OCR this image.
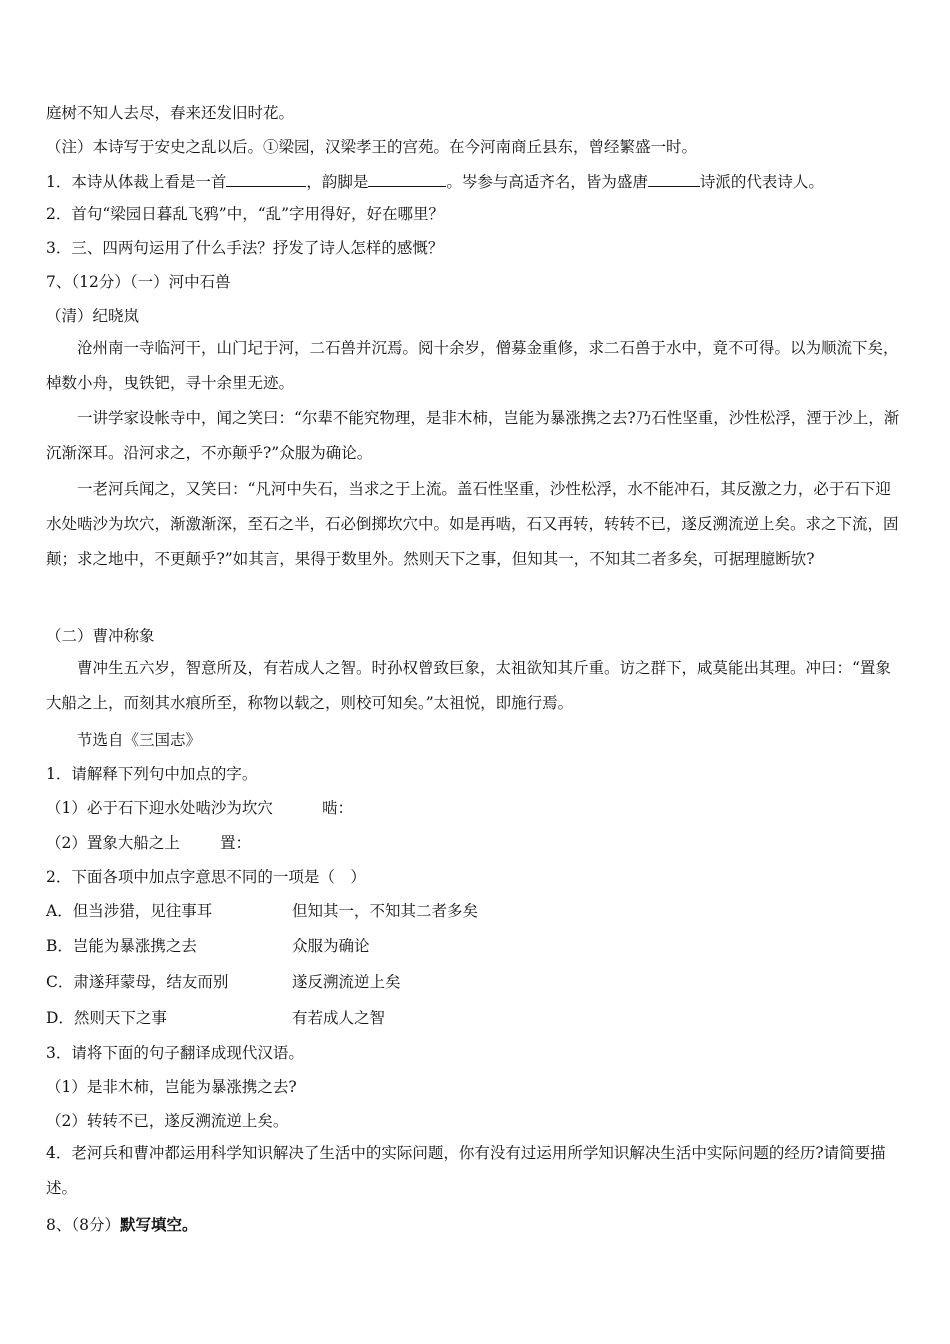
庭树不知人去尽，春来还发旧时花。
（注）本诗写于安史之乱以后。①梁园，汉梁孝王的宫苑。在今河南商丘县东，曾经繁盛一时。
1．本诗从体裁上看是一首	，韵脚是	。岑参与高适齐名，皆为盛唐	诗派的代表诗人。
2．首句“梁园日暮乱飞鸦”中，“乱”字用得好，好在哪里？
3．三、四两句运用了什么手法？抒发了诗人怎样的感慨？
7、（12分）（一）河中石兽
（清）纪晓岚
沧州南一寺临河干，山门圮于河，二石兽并沉焉。阅十余岁，僧募金重修，求二石兽于水中，竟不可得。以为顺流下矣，棹数小舟，曳铁钯，寻十余里无迹。
一讲学家设帐寺中，闻之笑曰：“尔辈不能究物理，是非木柿，岂能为暴涨携之去?乃石性坚重，沙性松浮，湮于沙上，渐沉渐深耳。沿河求之，不亦颠乎?”众服为确论。
一老河兵闻之，又笑曰：“凡河中失石，当求之于上流。盖石性坚重，沙性松浮，水不能冲石，其反激之力，必于石下迎水处啮沙为坎穴，渐激渐深，至石之半，石必倒掷坎穴中。如是再啮，石又再转，转转不已，遂反溯流逆上矣。求之下流，固颠；求之地中，不更颠乎?”如其言，果得于数里外。然则天下之事，但知其一，不知其二者多矣，可据理臆断欤?
（二）曹冲称象
曹冲生五六岁，智意所及，有若成人之智。时孙权曾致巨象，太祖欲知其斤重。访之群下，咸莫能出其理。冲曰：“置象大船之上，而刻其水痕所至，称物以载之，则校可知矣。”太祖悦，即施行焉。
节选自《三国志》
1．请解释下列句中加点的字。
（1）必于石下迎水处啮沙为坎穴	啮：
（2）置象大船之上	置：
2．下面各项中加点字意思不同的一项是（　）
A．但当涉猎，见往事耳	但知其一，不知其二者多矣
B．岂能为暴涨携之去	众服为确论
C．肃遂拜蒙母，结友而别	遂反溯流逆上矣
D．然则天下之事	有若成人之智
3．请将下面的句子翻译成现代汉语。
（1）是非木柿，岂能为暴涨携之去?
（2）转转不已，遂反溯流逆上矣。
4．老河兵和曹冲都运用科学知识解决了生活中的实际问题，你有没有过运用所学知识解决生活中实际问题的经历?请简要描述。
8、（8分）默写填空。
